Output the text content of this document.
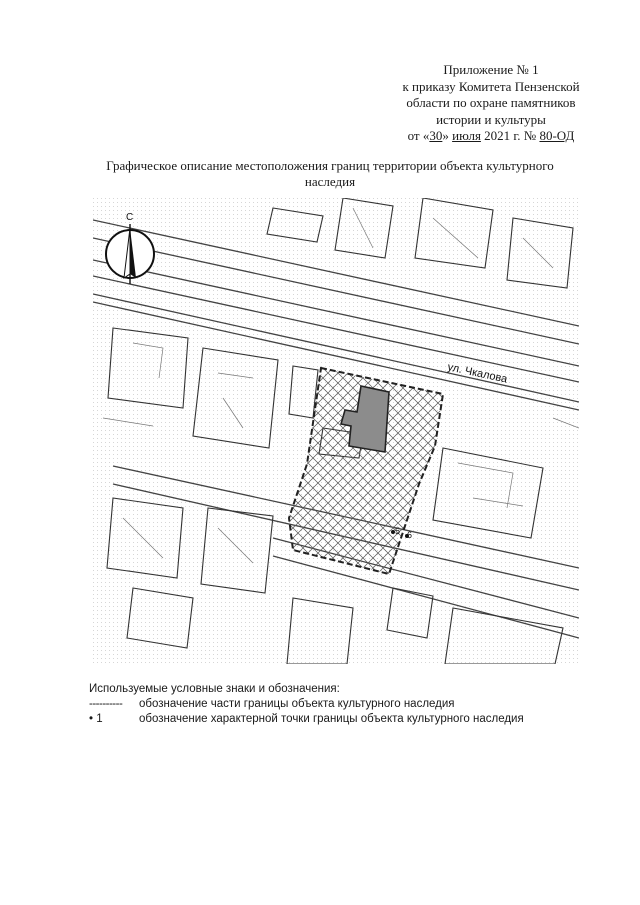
Приложение № 1
к приказу Комитета Пензенской
области по охране памятников
истории и культуры
от «30» июля 2021 г. № 80-ОД
Графическое описание местоположения границ территории объекта культурного
наследия
5 6
ул. Чкалова
С
Используемые условные знаки и обозначения:
---------- обозначение части границы объекта культурного наследия
• 1	обозначение характерной точки границы объекта культурного наследия
